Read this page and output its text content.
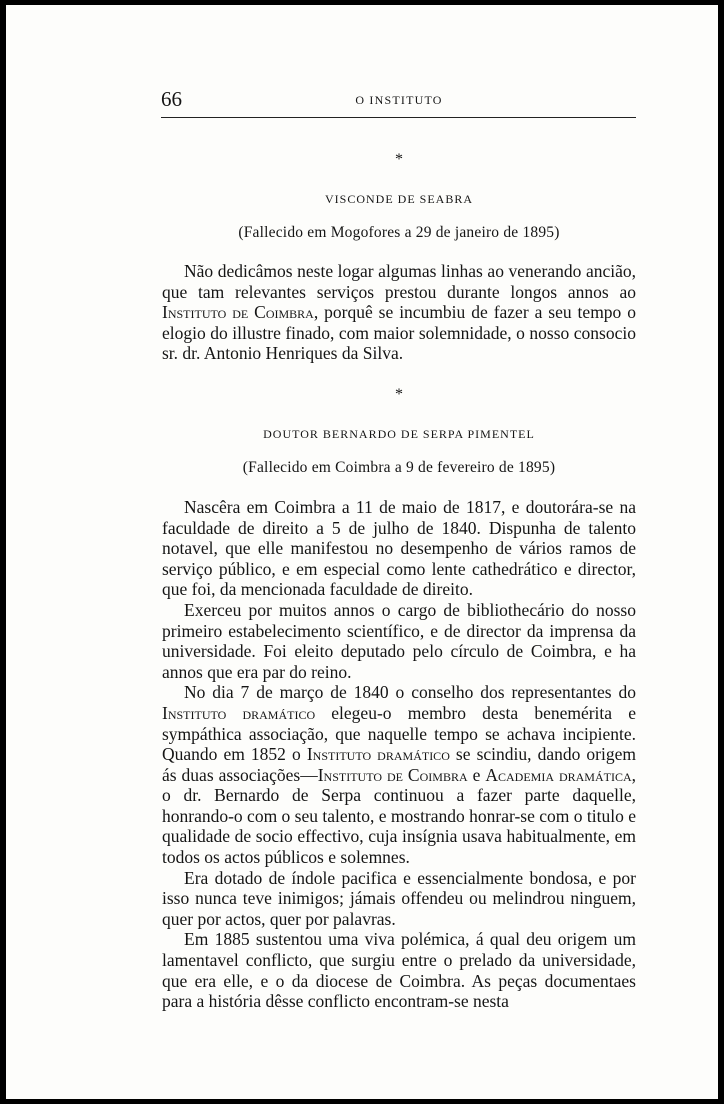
66	O INSTITUTO

*

VISCONDE DE SEABRA

(Fallecido em Mogofores a 29 de janeiro de 1895)

Não dedicâmos neste logar algumas linhas ao venerando ancião, que tam relevantes serviços prestou durante longos annos ao Instituto de Coimbra, porquê se incumbiu de fazer a seu tempo o elogio do illustre finado, com maior solemnidade, o nosso consocio sr. dr. Antonio Henriques da Silva.

*

DOUTOR BERNARDO DE SERPA PIMENTEL

(Fallecido em Coimbra a 9 de fevereiro de 1895)

Nascêra em Coimbra a 11 de maio de 1817, e doutorára-se na faculdade de direito a 5 de julho de 1840. Dispunha de talento notavel, que elle manifestou no desempenho de vários ramos de serviço público, e em especial como lente cathedrático e director, que foi, da mencionada faculdade de direito.

Exerceu por muitos annos o cargo de bibliothecário do nosso primeiro estabelecimento scientífico, e de director da imprensa da universidade. Foi eleito deputado pelo círculo de Coimbra, e ha annos que era par do reino.

No dia 7 de março de 1840 o conselho dos representantes do Instituto dramático elegeu-o membro desta benemérita e sympáthica associação, que naquelle tempo se achava incipiente. Quando em 1852 o Instituto dramático se scindiu, dando origem ás duas associações—Instituto de Coimbra e Academia dramática, o dr. Bernardo de Serpa continuou a fazer parte daquelle, honrando-o com o seu talento, e mostrando honrar-se com o titulo e qualidade de socio effectivo, cuja insígnia usava habitualmente, em todos os actos públicos e solemnes.

Era dotado de índole pacifica e essencialmente bondosa, e por isso nunca teve inimigos; jámais offendeu ou melindrou ninguem, quer por actos, quer por palavras.

Em 1885 sustentou uma viva polémica, á qual deu origem um lamentavel conflicto, que surgiu entre o prelado da universidade, que era elle, e o da diocese de Coimbra. As peças documentaes para a história dêsse conflicto encontram-se nesta
